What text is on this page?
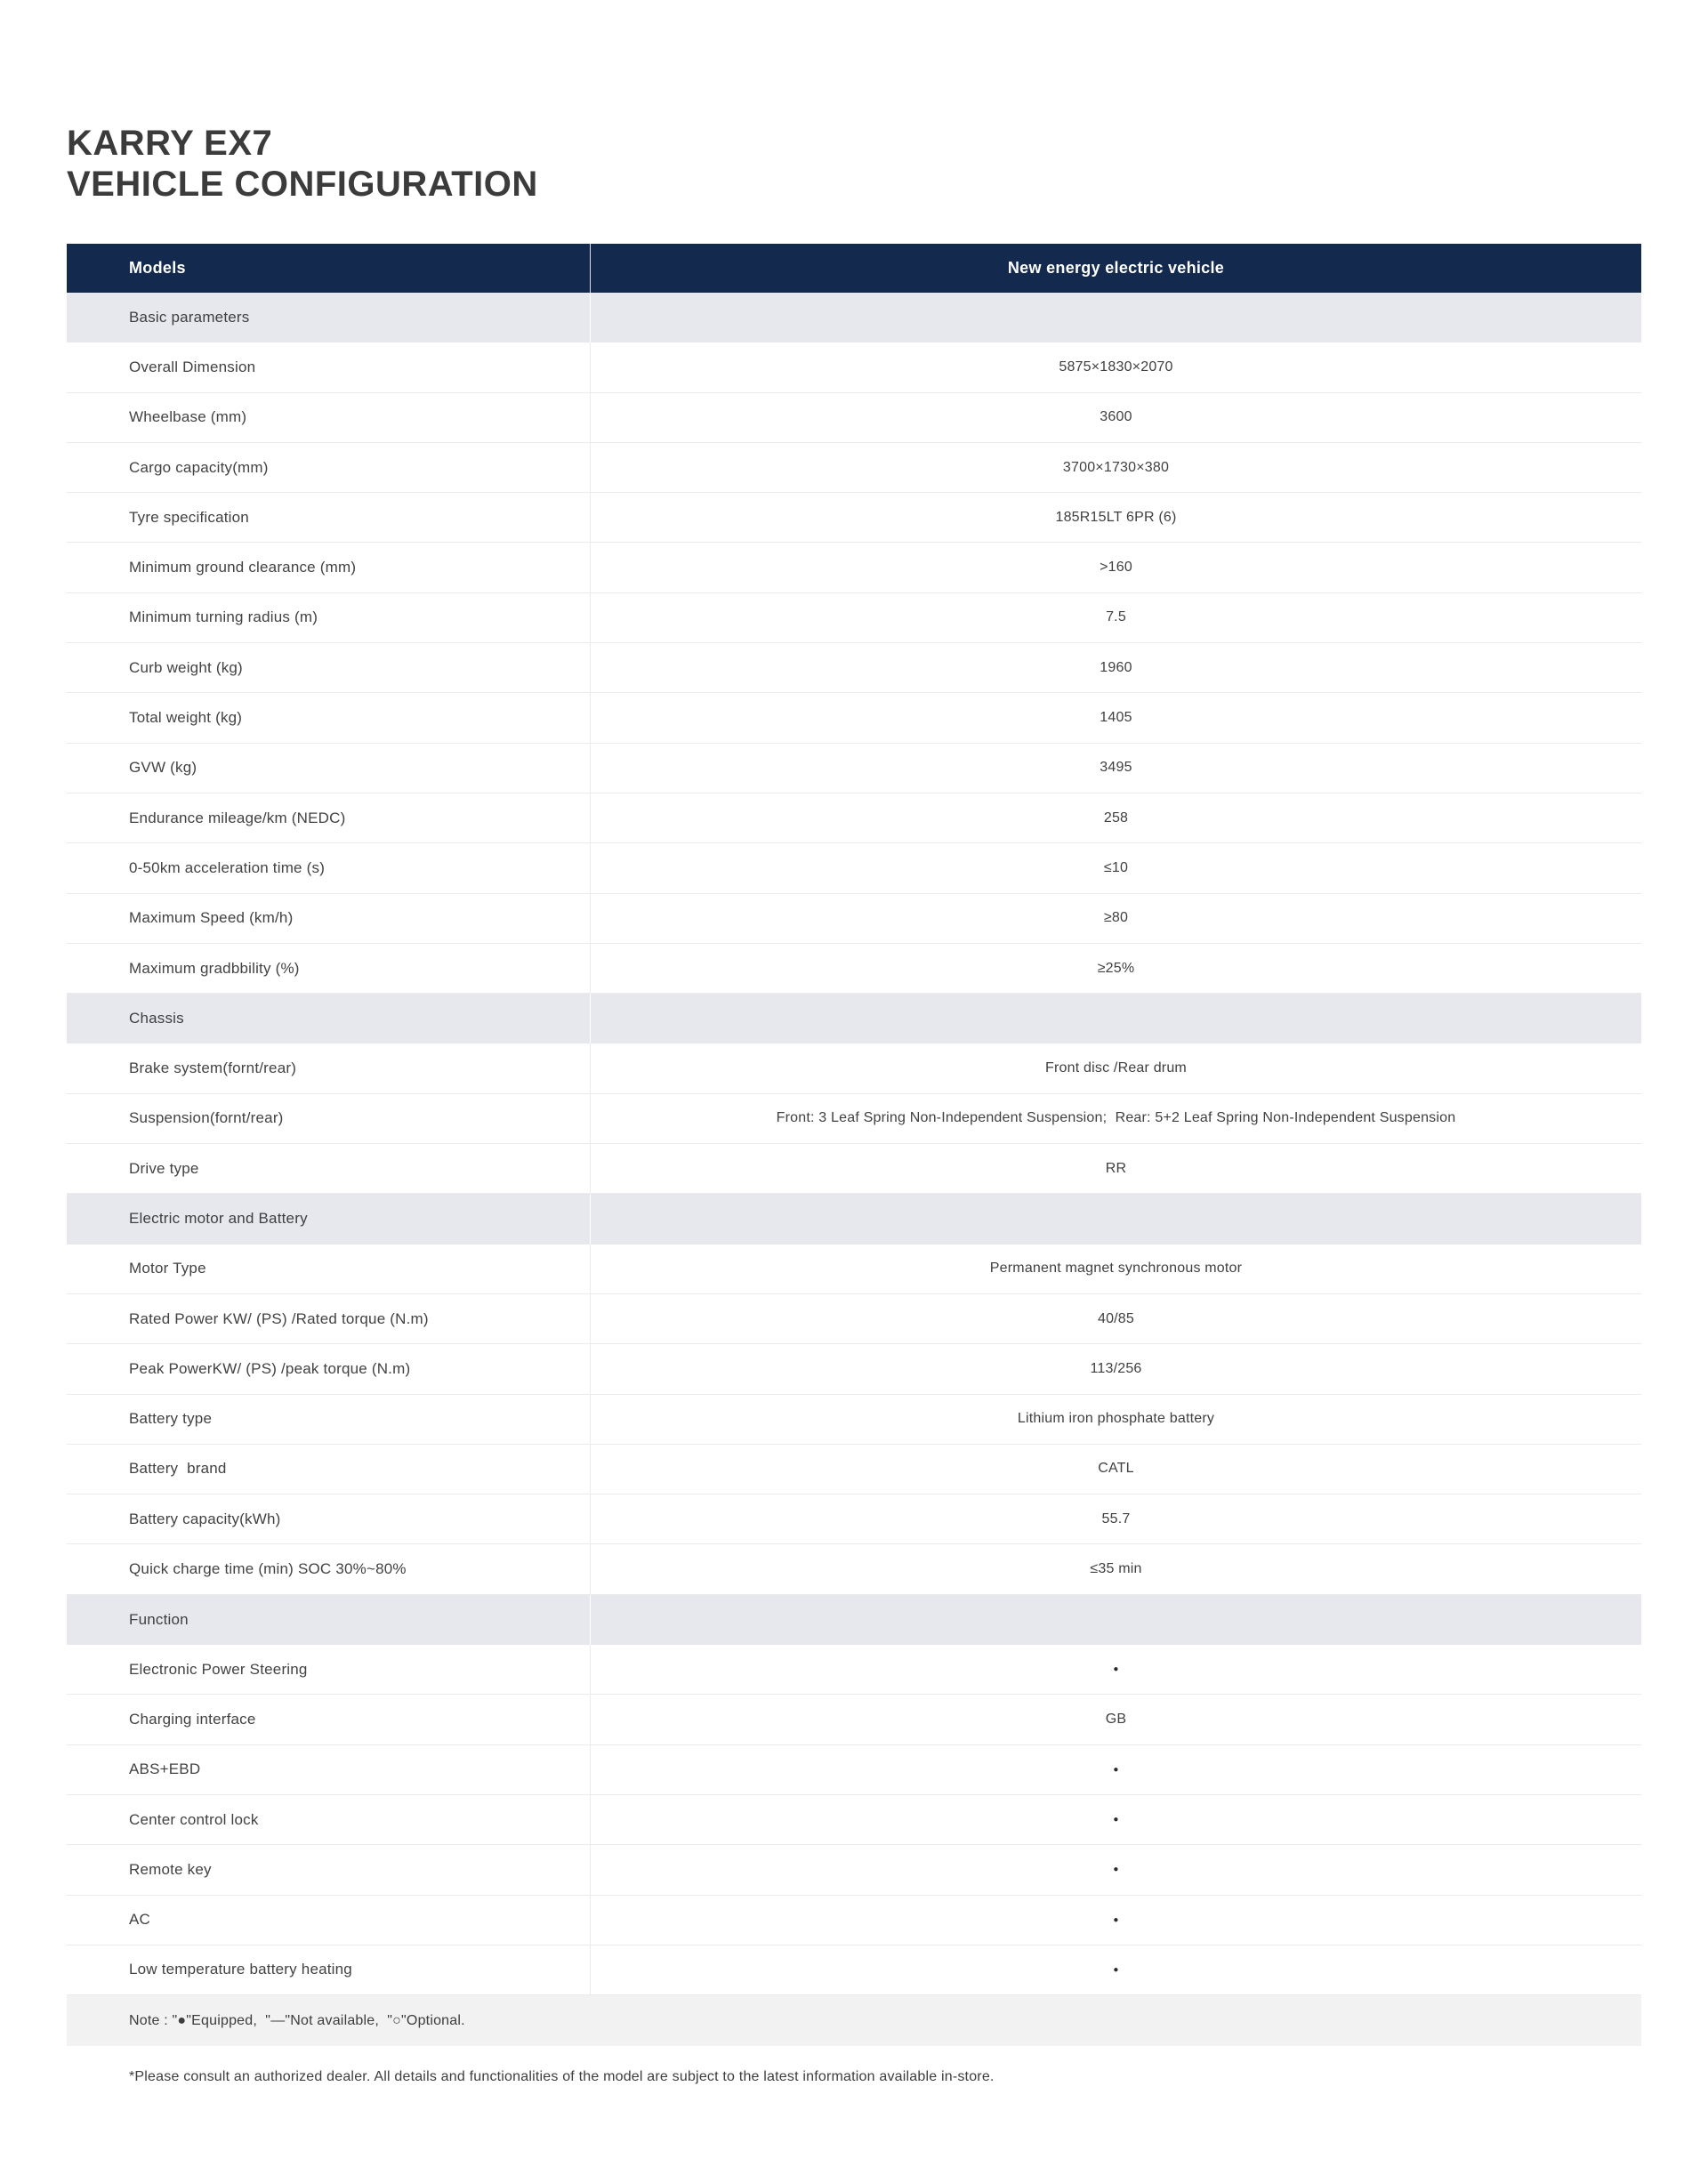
KARRY EX7
VEHICLE CONFIGURATION
Models	New energy electric vehicle
Basic parameters
Overall Dimension	5875×1830×2070
Wheelbase (mm)	3600
Cargo capacity(mm)	3700×1730×380
Tyre specification	185R15LT 6PR (6)
Minimum ground clearance (mm)	>160
Minimum turning radius (m)	7.5
Curb weight (kg)	1960
Total weight (kg)	1405
GVW (kg)	3495
Endurance mileage/km (NEDC)	258
0-50km acceleration time (s)	≤10
Maximum Speed (km/h)	≥80
Maximum gradbbility (%)	≥25%
Chassis
Brake system(fornt/rear)	Front disc /Rear drum
Suspension(fornt/rear)	Front: 3 Leaf Spring Non-Independent Suspension;  Rear: 5+2 Leaf Spring Non-Independent Suspension
Drive type	RR
Electric motor and Battery
Motor Type	Permanent magnet synchronous motor
Rated Power KW/ (PS) /Rated torque (N.m)	40/85
Peak PowerKW/ (PS) /peak torque (N.m)	113/256
Battery type	Lithium iron phosphate battery
Battery  brand	CATL
Battery capacity(kWh)	55.7
Quick charge time (min) SOC 30%~80%	≤35 min
Function
Electronic Power Steering	●
Charging interface	GB
ABS+EBD	●
Center control lock	●
Remote key	●
AC	●
Low temperature battery heating	●
Note : "●"Equipped,  "—"Not available,  "○"Optional.

*Please consult an authorized dealer. All details and functionalities of the model are subject to the latest information available in-store.
